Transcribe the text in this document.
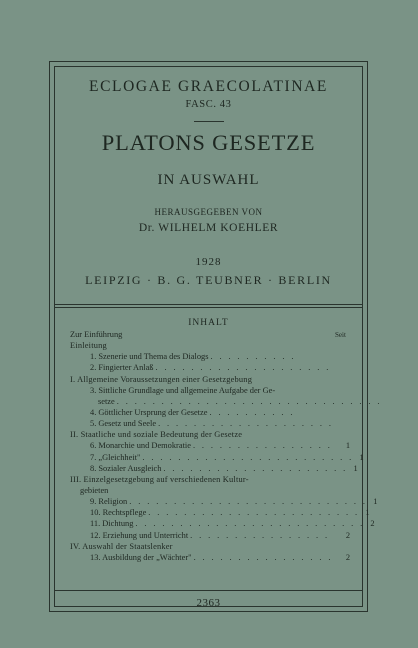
ECLOGAE GRAECOLATINAE
FASC. 43
PLATONS GESETZE
IN AUSWAHL
HERAUSGEGEBEN VON
Dr. WILHELM KOEHLER
1928
LEIPZIG · B. G. TEUBNER · BERLIN
INHALT
Seit
Zur Einführung
Einleitung
1. Szenerie und Thema des Dialogs . . . . . . . . . .
2. Fingierter Anlaß . . . . . . . . . . . . . . . . . . . .
I. Allgemeine Voraussetzungen einer Gesetzgebung
3. Sittliche Grundlage und allgemeine Aufgabe der Ge-
setze . . . . . . . . . . . . . . . . . . . . . . . . . . . . . .
4. Göttlicher Ursprung der Gesetze . . . . . . . . . .
5. Gesetz und Seele . . . . . . . . . . . . . . . . . . . .
II. Staatliche und soziale Bedeutung der Gesetze
6. Monarchie und Demokratie . . . . . . . . . . . . . . . .	1
7. „Gleichheit" . . . . . . . . . . . . . . . . . . . . . . . . 1
8. Sozialer Ausgleich . . . . . . . . . . . . . . . . . . . . . 1
III. Einzelgesetzgebung auf verschiedenen Kultur-
gebieten
9. Religion . . . . . . . . . . . . . . . . . . . . . . . . . . . 1
10. Rechtspflege . . . . . . . . . . . . . . . . . . . . . . . . 1
11. Dichtung . . . . . . . . . . . . . . . . . . . . . . . . . . 2
12. Erziehung und Unterricht . . . . . . . . . . . . . . . .	2
IV. Auswahl der Staatslenker
13. Ausbildung der „Wächter" . . . . . . . . . . . . . . . .	2
2363
